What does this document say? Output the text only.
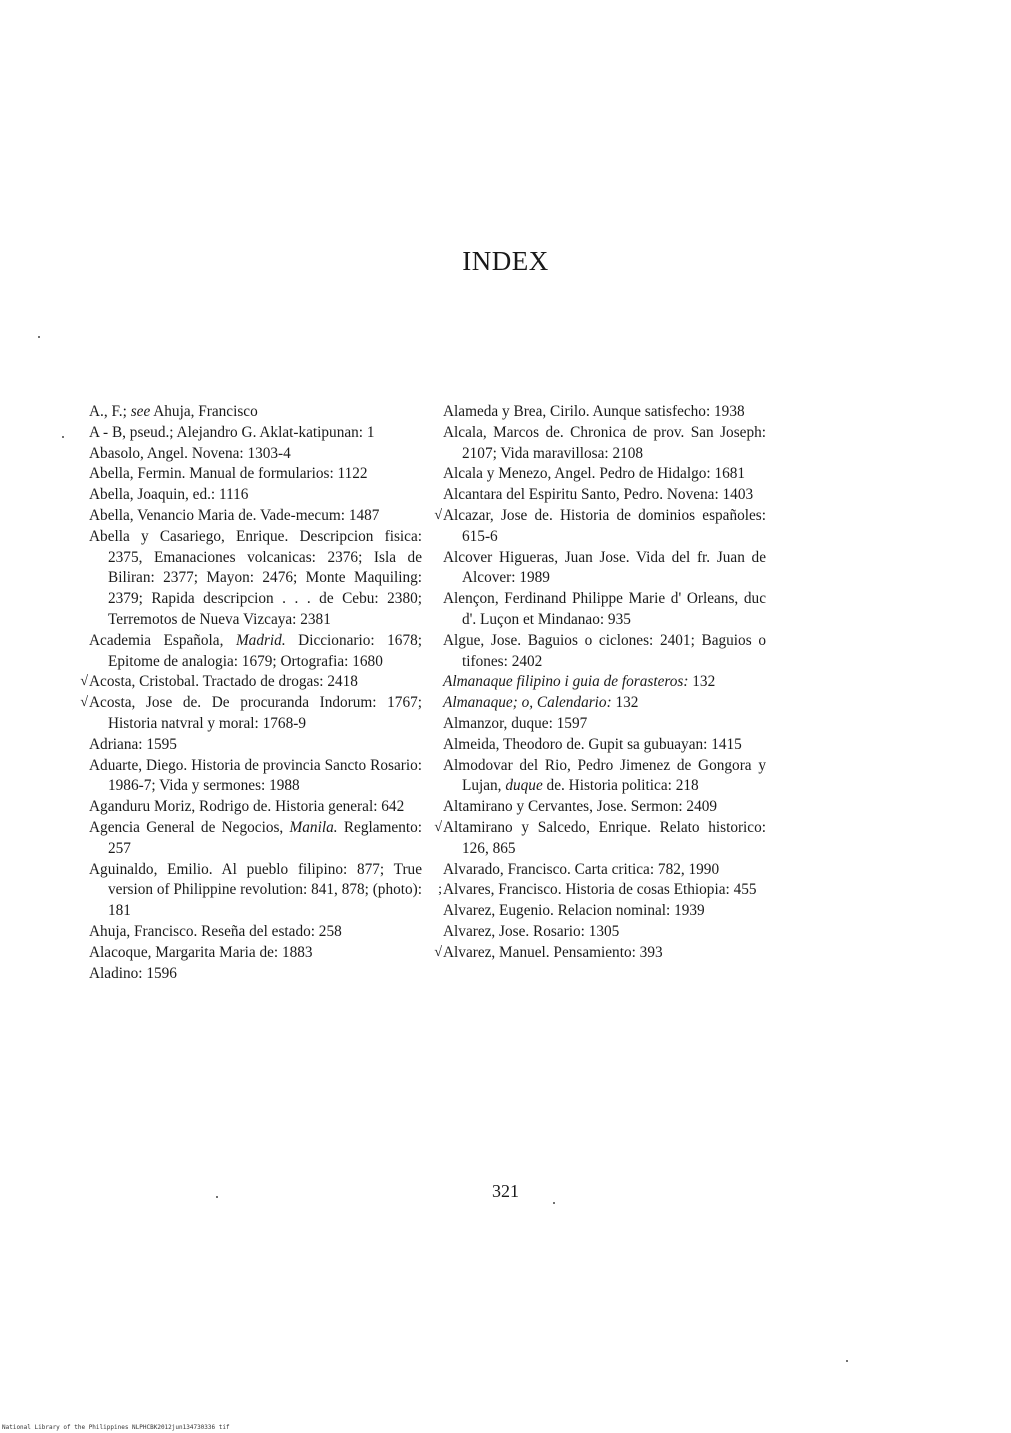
INDEX
A., F.; see Ahuja, Francisco
A - B, pseud.; Alejandro G. Aklat-katipunan: 1
Abasolo, Angel. Novena: 1303-4
Abella, Fermin. Manual de formularios: 1122
Abella, Joaquin, ed.: 1116
Abella, Venancio Maria de. Vade-mecum: 1487
Abella y Casariego, Enrique. Descripcion fisica: 2375, Emanaciones volcanicas: 2376; Isla de Biliran: 2377; Mayon: 2476; Monte Maquiling: 2379; Rapida descripcion . . . de Cebu: 2380; Terremotos de Nueva Vizcaya: 2381
Academia Española, Madrid. Diccionario: 1678; Epitome de analogia: 1679; Ortografia: 1680
√ Acosta, Cristobal. Tractado de drogas: 2418
√ Acosta, Jose de. De procuranda Indorum: 1767; Historia natvral y moral: 1768-9
Adriana: 1595
Aduarte, Diego. Historia de provincia Sancto Rosario: 1986-7; Vida y sermones: 1988
Aganduru Moriz, Rodrigo de. Historia general: 642
Agencia General de Negocios, Manila. Reglamento: 257
Aguinaldo, Emilio. Al pueblo filipino: 877; True version of Philippine revolution: 841, 878; (photo): 181
Ahuja, Francisco. Reseña del estado: 258
Alacoque, Margarita Maria de: 1883
Aladino: 1596
Alameda y Brea, Cirilo. Aunque satisfecho: 1938
Alcala, Marcos de. Chronica de prov. San Joseph: 2107; Vida maravillosa: 2108
Alcala y Menezo, Angel. Pedro de Hidalgo: 1681
Alcantara del Espiritu Santo, Pedro. Novena: 1403
√ Alcazar, Jose de. Historia de dominios españoles: 615-6
Alcover Higueras, Juan Jose. Vida del fr. Juan de Alcover: 1989
Alençon, Ferdinand Philippe Marie d' Orleans, duc d'. Luçon et Mindanao: 935
Algue, Jose. Baguios o ciclones: 2401; Baguios o tifones: 2402
Almanaque filipino i guia de forasteros: 132
Almanaque; o, Calendario: 132
Almanzor, duque: 1597
Almeida, Theodoro de. Gupit sa gubuayan: 1415
Almodovar del Rio, Pedro Jimenez de Gongora y Lujan, duque de. Historia politica: 218
Altamirano y Cervantes, Jose. Sermon: 2409
√ Altamirano y Salcedo, Enrique. Relato historico: 126, 865
Alvarado, Francisco. Carta critica: 782, 1990
; Alvares, Francisco. Historia de cosas Ethiopia: 455
Alvarez, Eugenio. Relacion nominal: 1939
Alvarez, Jose. Rosario: 1305
√ Alvarez, Manuel. Pensamiento: 393
321
National Library of the Philippines NLPHCBK2012jun134730336 tif
